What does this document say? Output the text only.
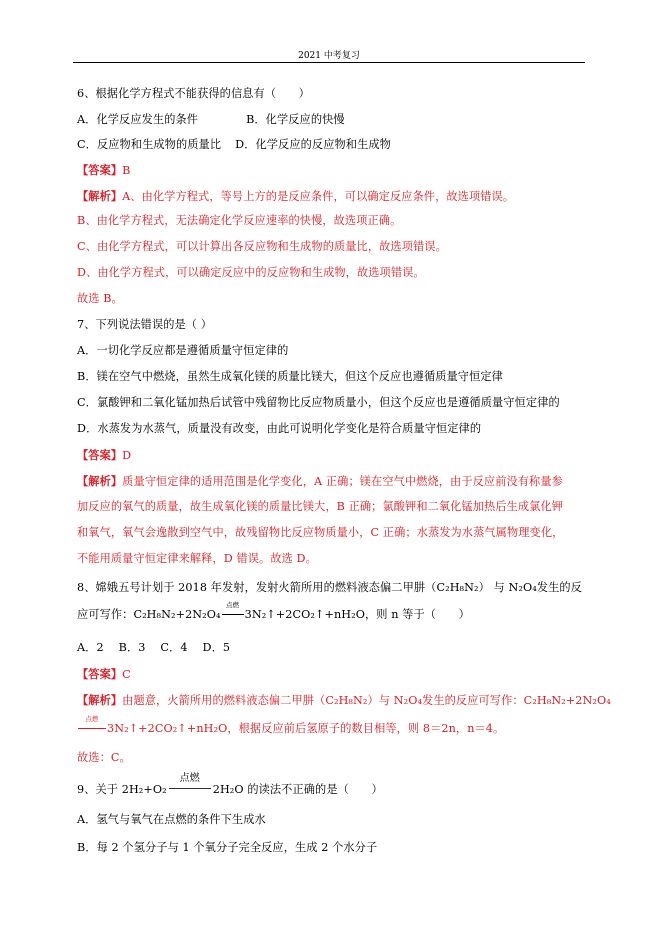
2021 中考复习
6、根据化学方程式不能获得的信息有（　　）
A．化学反应发生的条件	B．化学反应的快慢
C．反应物和生成物的质量比 D．化学反应的反应物和生成物
【答案】B
【解析】A、由化学方程式，等号上方的是反应条件，可以确定反应条件，故选项错误。
B、由化学方程式，无法确定化学反应速率的快慢，故选项正确。
C、由化学方程式，可以计算出各反应物和生成物的质量比，故选项错误。
D、由化学方程式，可以确定反应中的反应物和生成物，故选项错误。
故选 B。
7、下列说法错误的是（ ）
A．一切化学反应都是遵循质量守恒定律的
B．镁在空气中燃烧，虽然生成氧化镁的质量比镁大，但这个反应也遵循质量守恒定律
C．氯酸钾和二氧化锰加热后试管中残留物比反应物质量小，但这个反应也是遵循质量守恒定律的
D．水蒸发为水蒸气，质量没有改变，由此可说明化学变化是符合质量守恒定律的
【答案】D
【解析】质量守恒定律的适用范围是化学变化，A 正确；镁在空气中燃烧，由于反应前没有称量参
加反应的氧气的质量，故生成氧化镁的质量比镁大，B 正确；氯酸钾和二氧化锰加热后生成氯化钾
和氧气，氧气会逸散到空气中，故残留物比反应物质量小，C 正确；水蒸发为水蒸气属物理变化，
不能用质量守恒定律来解释，D 错误。故选 D。
8、嫦娥五号计划于 2018 年发射，发射火箭所用的燃料液态偏二甲肼（C₂H₈N₂） 与 N₂O₄发生的反
应可写作：C₂H₈N₂+2N₂O₄
点燃
3N₂↑+2CO₂↑+nH₂O，则 n 等于（　　）
A．2　 B．3　 C．4　 D．5
【答案】C
【解析】由题意，火箭所用的燃料液态偏二甲肼（C₂H₈N₂）与 N₂O₄发生的反应可写作：C₂H₈N₂+2N₂O₄
点燃
3N₂↑+2CO₂↑+nH₂O，根据反应前后氢原子的数目相等，则 8＝2n，n＝4。
故选：C。
9、关于 2H₂+O₂
点燃
2H₂O 的读法不正确的是（　　）
A．氢气与氧气在点燃的条件下生成水
B．每 2 个氢分子与 1 个氧分子完全反应，生成 2 个水分子
